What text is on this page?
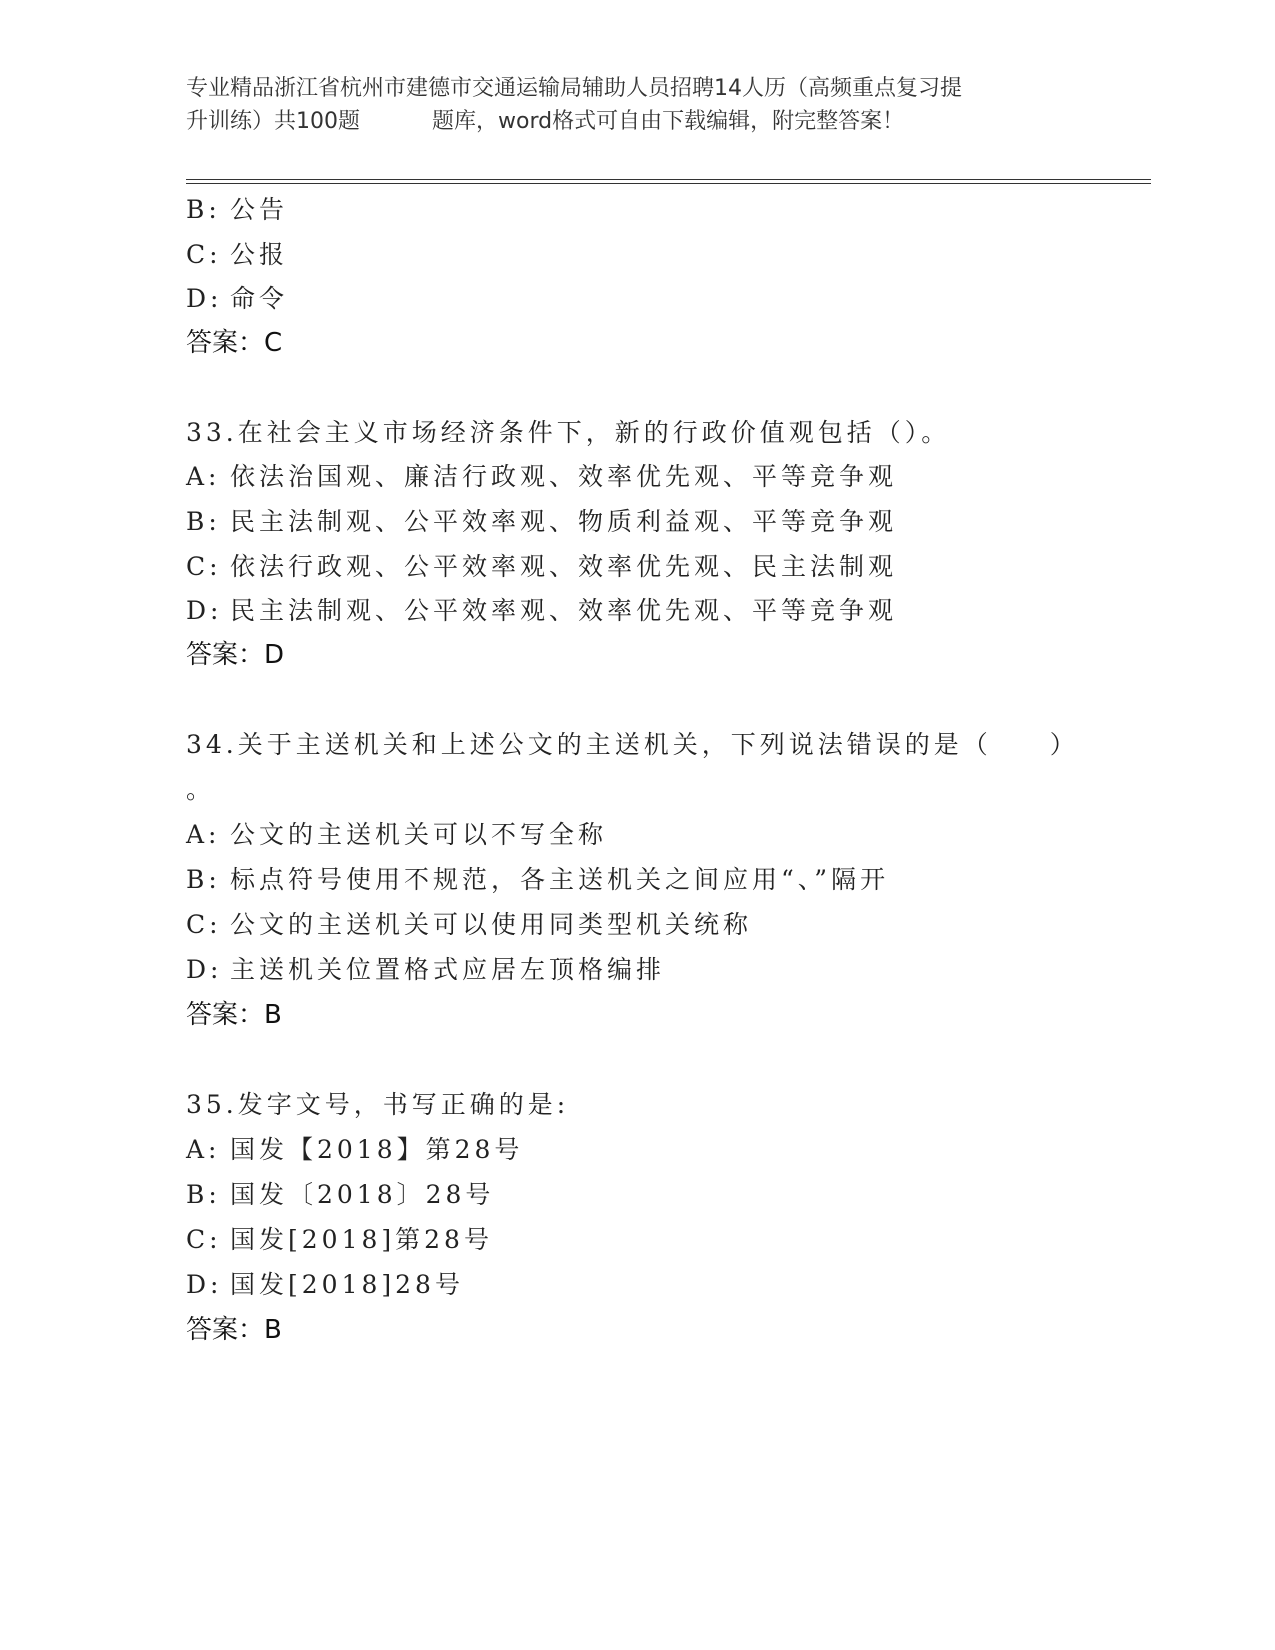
专业精品浙江省杭州市建德市交通运输局辅助人员招聘14人历（高频重点复习提
升训练）共100题	题库，word格式可自由下载编辑，附完整答案！
B: 公告
C: 公报
D: 命令
答案：C
33.在社会主义市场经济条件下，新的行政价值观包括（）。
A: 依法治国观、廉洁行政观、效率优先观、平等竞争观
B: 民主法制观、公平效率观、物质利益观、平等竞争观
C: 依法行政观、公平效率观、效率优先观、民主法制观
D: 民主法制观、公平效率观、效率优先观、平等竞争观
答案：D
34.关于主送机关和上述公文的主送机关，下列说法错误的是（　　）
。
A: 公文的主送机关可以不写全称
B: 标点符号使用不规范，各主送机关之间应用“、”隔开
C: 公文的主送机关可以使用同类型机关统称
D: 主送机关位置格式应居左顶格编排
答案：B
35.发字文号，书写正确的是:
A: 国发【2018】第28号
B: 国发〔2018〕28号
C: 国发[2018]第28号
D: 国发[2018]28号
答案：B
